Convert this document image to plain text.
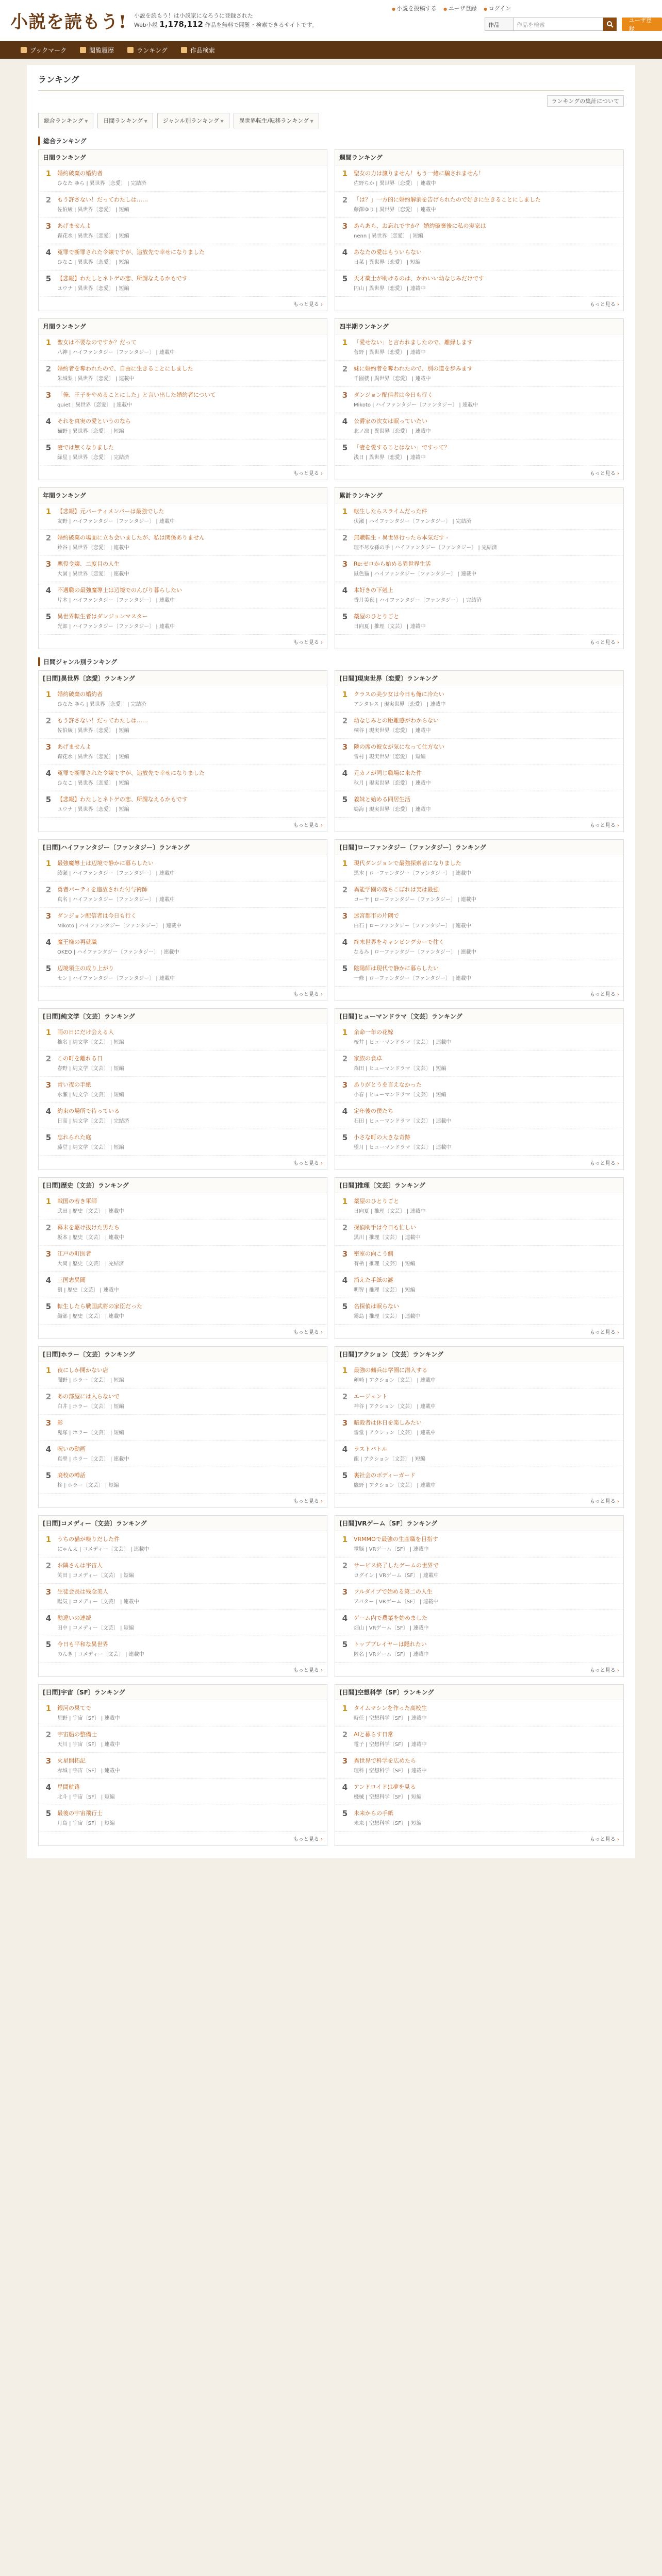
小説を読もう! 小説を読もう！は小説家になろうに登録された
Web小説 1,178,112 作品を無料で閲覧・検索できるサイトです。
● 小説を投稿する ● ユーザ登録 ● ログイン
作品	作品を検索
ユーザ登録
ブックマーク	閲覧履歴	ランキング	作品検索
ランキング
ランキングの集計について
総合ランキング ▼	日間ランキング ▼	ジャンル別ランキング ▼	異世界転生/転移ランキング ▼
総合ランキング
日間ランキング
1	婚約破棄の婚約者
ひなた ゆら | 異世界〔恋愛〕 | 完結済
2	もう許さない！だってわたしは……
佐伯綾 | 異世界〔恋愛〕 | 短編
3	あげませんよ
森花水 | 異世界〔恋愛〕 | 短編
4	冤罪で断罪された令嬢ですが、追放先で幸せになりました
ひなこ | 異世界〔恋愛〕 | 短編
5	【悲報】わたしとネトゲの恋、所謂なえるかもです
ユウナ | 異世界〔恋愛〕 | 短編
もっと見る ›
週間ランキング
1	聖女の力は譲りません！もう一緒に騙されません！
佐野ちか | 異世界〔恋愛〕 | 連載中
2	「は？」一方的に婚約解消を告げられたので好きに生きることにしました
藤澤ゆり | 異世界〔恋愛〕 | 連載中
3	あらあら、お忘れですか？ 婚約破棄後に私の実家は
nenn | 異世界〔恋愛〕 | 短編
4	あなたの愛はもういらない
日菜 | 異世界〔恋愛〕 | 短編
5	天才薬士が助けるのは、かわいい幼なじみだけです
円山 | 異世界〔恋愛〕 | 連載中
もっと見る ›
月間ランキング
1	聖女は不要なのですか？だって
八神 | ハイファンタジー〔ファンタジー〕 | 連載中
2	婚約者を奪われたので、自由に生きることにしました
朱城梨 | 異世界〔恋愛〕 | 連載中
3	「俺、王子をやめることにした」と言い出した婚約者について
quiet | 異世界〔恋愛〕 | 連載中
4	それを真実の愛というのなら
猫野 | 異世界〔恋愛〕 | 短編
5	妻では無くなりました
緑星 | 異世界〔恋愛〕 | 完結済
もっと見る ›
四半期ランキング
1	「愛せない」と言われましたので、離縁します
菅野 | 異世界〔恋愛〕 | 連載中
2	妹に婚約者を奪われたので、別の道を歩みます
千園楼 | 異世界〔恋愛〕 | 連載中
3	ダンジョン配信者は今日も行く
Mikoto | ハイファンタジー〔ファンタジー〕 | 連載中
4	公爵家の次女は眠っていたい
北ノ凛 | 異世界〔恋愛〕 | 連載中
5	「妻を愛することはない」ですって？
浅日 | 異世界〔恋愛〕 | 連載中
もっと見る ›
年間ランキング
1	【悲報】元パーティメンバーは最強でした
友野 | ハイファンタジー〔ファンタジー〕 | 連載中
2	婚約破棄の場面に立ち会いましたが、私は関係ありません
鈴谷 | 異世界〔恋愛〕 | 連載中
3	悪役令嬢、二度目の人生
大園 | 異世界〔恋愛〕 | 連載中
4	不遇職の最強魔導士は辺境でのんびり暮らしたい
片木 | ハイファンタジー〔ファンタジー〕 | 連載中
5	異世界転生者はダンジョンマスター
光郎 | ハイファンタジー〔ファンタジー〕 | 連載中
もっと見る ›
累計ランキング
1	転生したらスライムだった件
伏瀬 | ハイファンタジー〔ファンタジー〕 | 完結済
2	無職転生 - 異世界行ったら本気だす -
理不尽な孫の手 | ハイファンタジー〔ファンタジー〕 | 完結済
3	Re:ゼロから始める異世界生活
鼠色猫 | ハイファンタジー〔ファンタジー〕 | 連載中
4	本好きの下剋上
香月美夜 | ハイファンタジー〔ファンタジー〕 | 完結済
5	薬屋のひとりごと
日向夏 | 推理〔文芸〕 | 連載中
もっと見る ›
日間ジャンル別ランキング
[日間]異世界〔恋愛〕ランキング
1	婚約破棄の婚約者
ひなた ゆら | 異世界〔恋愛〕 | 完結済
2	もう許さない！だってわたしは……
佐伯綾 | 異世界〔恋愛〕 | 短編
3	あげませんよ
森花水 | 異世界〔恋愛〕 | 短編
4	冤罪で断罪された令嬢ですが、追放先で幸せになりました
ひなこ | 異世界〔恋愛〕 | 短編
5	【悲報】わたしとネトゲの恋、所謂なえるかもです
ユウナ | 異世界〔恋愛〕 | 短編
もっと見る ›
[日間]現実世界〔恋愛〕ランキング
1	クラスの美少女は今日も俺に冷たい
アンタレス | 現実世界〔恋愛〕 | 連載中
2	幼なじみとの距離感がわからない
桐谷 | 現実世界〔恋愛〕 | 連載中
3	隣の席の彼女が気になって仕方ない
雪村 | 現実世界〔恋愛〕 | 短編
4	元カノが同じ職場に来た件
秋月 | 現実世界〔恋愛〕 | 連載中
5	義妹と始める同居生活
鳴海 | 現実世界〔恋愛〕 | 連載中
もっと見る ›
[日間]ハイファンタジー〔ファンタジー〕ランキング
1	最強魔導士は辺境で静かに暮らしたい
綾瀬 | ハイファンタジー〔ファンタジー〕 | 連載中
2	勇者パーティを追放された付与術師
真名 | ハイファンタジー〔ファンタジー〕 | 連載中
3	ダンジョン配信者は今日も行く
Mikoto | ハイファンタジー〔ファンタジー〕 | 連載中
4	魔王様の再就職
OKEO | ハイファンタジー〔ファンタジー〕 | 連載中
5	辺境領主の成り上がり
セン | ハイファンタジー〔ファンタジー〕 | 連載中
もっと見る ›
[日間]ローファンタジー〔ファンタジー〕ランキング
1	現代ダンジョンで最強探索者になりました
黒木 | ローファンタジー〔ファンタジー〕 | 連載中
2	異能学園の落ちこぼれは実は最強
コーヤ | ローファンタジー〔ファンタジー〕 | 連載中
3	迷宮都市の片隅で
白石 | ローファンタジー〔ファンタジー〕 | 連載中
4	終末世界をキャンピングカーで往く
なるみ | ローファンタジー〔ファンタジー〕 | 連載中
5	陰陽師は現代で静かに暮らしたい
一條 | ローファンタジー〔ファンタジー〕 | 連載中
もっと見る ›
[日間]純文学〔文芸〕ランキング
1	雨の日にだけ会える人
椎名 | 純文学〔文芸〕 | 短編
2	この町を離れる日
春野 | 純文学〔文芸〕 | 短編
3	青い夜の手紙
水瀬 | 純文学〔文芸〕 | 短編
4	約束の場所で待っている
日高 | 純文学〔文芸〕 | 完結済
5	忘れられた庭
藤堂 | 純文学〔文芸〕 | 短編
もっと見る ›
[日間]ヒューマンドラマ〔文芸〕ランキング
1	余命一年の花嫁
桜井 | ヒューマンドラマ〔文芸〕 | 連載中
2	家族の食卓
森田 | ヒューマンドラマ〔文芸〕 | 短編
3	ありがとうを言えなかった
小春 | ヒューマンドラマ〔文芸〕 | 短編
4	定年後の僕たち
石田 | ヒューマンドラマ〔文芸〕 | 連載中
5	小さな町の大きな奇跡
望月 | ヒューマンドラマ〔文芸〕 | 連載中
もっと見る ›
[日間]歴史〔文芸〕ランキング
1	戦国の若き軍師
武田 | 歴史〔文芸〕 | 連載中
2	幕末を駆け抜けた男たち
坂本 | 歴史〔文芸〕 | 連載中
3	江戸の町医者
大岡 | 歴史〔文芸〕 | 完結済
4	三国志異聞
劉 | 歴史〔文芸〕 | 連載中
5	転生したら戦国武将の家臣だった
織部 | 歴史〔文芸〕 | 連載中
もっと見る ›
[日間]推理〔文芸〕ランキング
1	薬屋のひとりごと
日向夏 | 推理〔文芸〕 | 連載中
2	探偵助手は今日も忙しい
黒川 | 推理〔文芸〕 | 連載中
3	密室の向こう側
有栖 | 推理〔文芸〕 | 短編
4	消えた手紙の謎
明智 | 推理〔文芸〕 | 短編
5	名探偵は眠らない
霧島 | 推理〔文芸〕 | 連載中
もっと見る ›
[日間]ホラー〔文芸〕ランキング
1	夜にしか開かない店
闇野 | ホラー〔文芸〕 | 短編
2	あの部屋には入らないで
白井 | ホラー〔文芸〕 | 短編
3	影
鬼塚 | ホラー〔文芸〕 | 短編
4	呪いの動画
真壁 | ホラー〔文芸〕 | 連載中
5	廃校の噂話
柊 | ホラー〔文芸〕 | 短編
もっと見る ›
[日間]アクション〔文芸〕ランキング
1	最強の傭兵は学園に潜入する
剣崎 | アクション〔文芸〕 | 連載中
2	エージェント
神谷 | アクション〔文芸〕 | 連載中
3	暗殺者は休日を楽しみたい
雷堂 | アクション〔文芸〕 | 連載中
4	ラストバトル
龍 | アクション〔文芸〕 | 短編
5	裏社会のボディーガード
鷹野 | アクション〔文芸〕 | 連載中
もっと見る ›
[日間]コメディー〔文芸〕ランキング
1	うちの猫が喋りだした件
にゃん太 | コメディー〔文芸〕 | 連載中
2	お隣さんは宇宙人
笑田 | コメディー〔文芸〕 | 短編
3	生徒会長は残念美人
陽気 | コメディー〔文芸〕 | 連載中
4	勘違いの連続
田中 | コメディー〔文芸〕 | 短編
5	今日も平和な異世界
のんき | コメディー〔文芸〕 | 連載中
もっと見る ›
[日間]VRゲーム〔SF〕ランキング
1	VRMMOで最強の生産職を目指す
電脳 | VRゲーム〔SF〕 | 連載中
2	サービス終了したゲームの世界で
ログイン | VRゲーム〔SF〕 | 連載中
3	フルダイブで始める第二の人生
アバター | VRゲーム〔SF〕 | 連載中
4	ゲーム内で農業を始めました
畑山 | VRゲーム〔SF〕 | 連載中
5	トッププレイヤーは隠れたい
匿名 | VRゲーム〔SF〕 | 連載中
もっと見る ›
[日間]宇宙〔SF〕ランキング
1	銀河の果てで
星野 | 宇宙〔SF〕 | 連載中
2	宇宙船の整備士
天川 | 宇宙〔SF〕 | 連載中
3	火星開拓記
赤城 | 宇宙〔SF〕 | 連載中
4	星間航路
北斗 | 宇宙〔SF〕 | 短編
5	最後の宇宙飛行士
月島 | 宇宙〔SF〕 | 短編
もっと見る ›
[日間]空想科学〔SF〕ランキング
1	タイムマシンを作った高校生
時任 | 空想科学〔SF〕 | 連載中
2	AIと暮らす日常
電子 | 空想科学〔SF〕 | 連載中
3	異世界で科学を広めたら
理科 | 空想科学〔SF〕 | 連載中
4	アンドロイドは夢を見る
機械 | 空想科学〔SF〕 | 短編
5	未来からの手紙
未来 | 空想科学〔SF〕 | 短編
もっと見る ›
